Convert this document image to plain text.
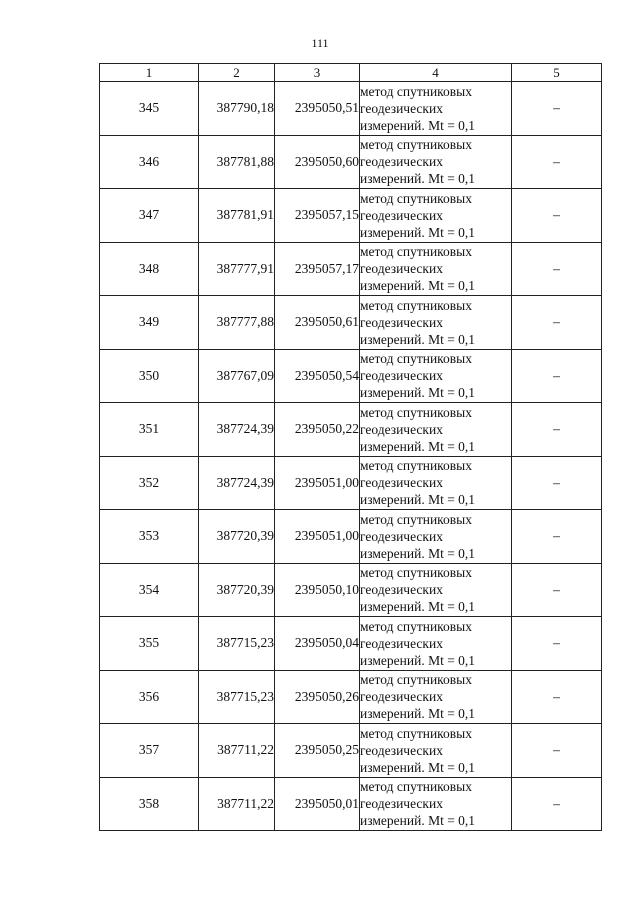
111
1	2	3	4	5
345	387790,18	2395050,51	метод спутниковых
геодезических
измерений. Mt = 0,1	–
346	387781,88	2395050,60	метод спутниковых
геодезических
измерений. Mt = 0,1	–
347	387781,91	2395057,15	метод спутниковых
геодезических
измерений. Mt = 0,1	–
348	387777,91	2395057,17	метод спутниковых
геодезических
измерений. Mt = 0,1	–
349	387777,88	2395050,61	метод спутниковых
геодезических
измерений. Mt = 0,1	–
350	387767,09	2395050,54	метод спутниковых
геодезических
измерений. Mt = 0,1	–
351	387724,39	2395050,22	метод спутниковых
геодезических
измерений. Mt = 0,1	–
352	387724,39	2395051,00	метод спутниковых
геодезических
измерений. Mt = 0,1	–
353	387720,39	2395051,00	метод спутниковых
геодезических
измерений. Mt = 0,1	–
354	387720,39	2395050,10	метод спутниковых
геодезических
измерений. Mt = 0,1	–
355	387715,23	2395050,04	метод спутниковых
геодезических
измерений. Mt = 0,1	–
356	387715,23	2395050,26	метод спутниковых
геодезических
измерений. Mt = 0,1	–
357	387711,22	2395050,25	метод спутниковых
геодезических
измерений. Mt = 0,1	–
358	387711,22	2395050,01	метод спутниковых
геодезических
измерений. Mt = 0,1	–
